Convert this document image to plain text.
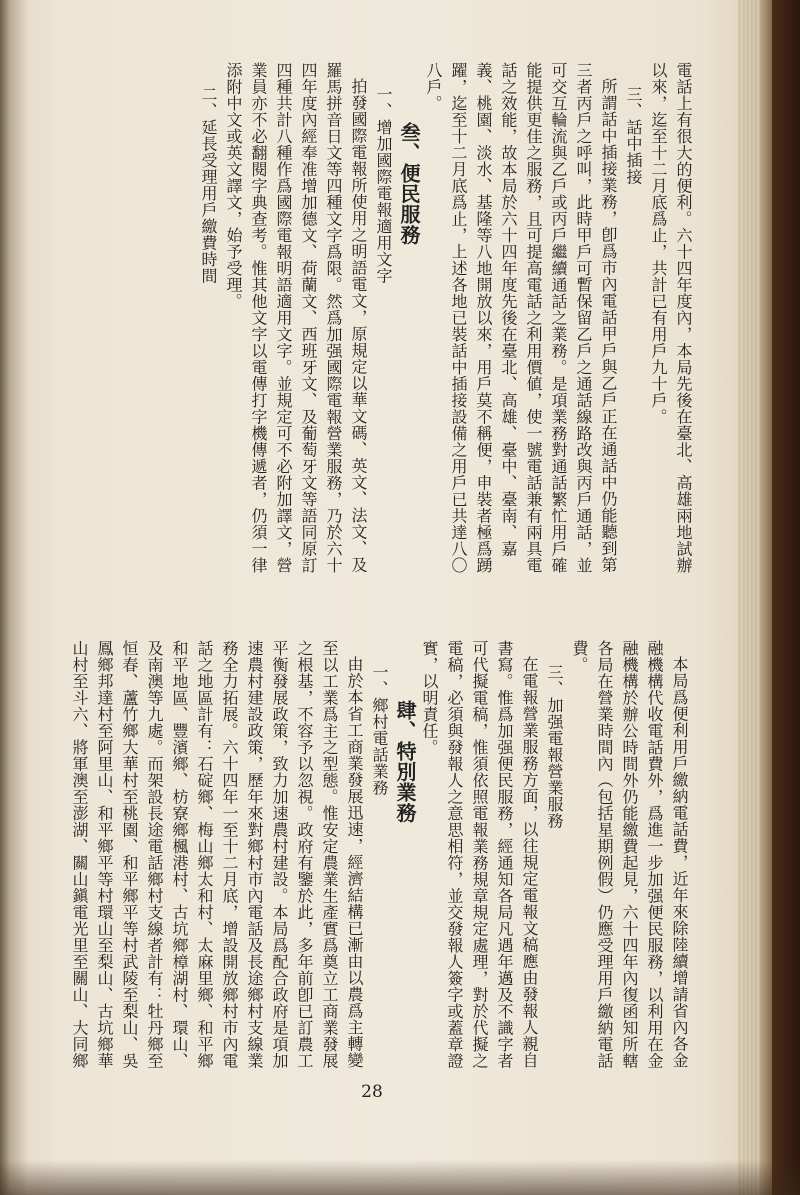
電話上有很大的便利。六十四年度內，本局先後在臺北、高雄兩地試辦以來，迄至十二月底爲止，共計已有用戶九十戶。

三、話中插接

所謂話中插接業務，卽爲市內電話甲戶與乙戶正在通話中仍能聽到第三者丙戶之呼叫，此時甲戶可暫保留乙戶之通話線路改與丙戶通話，並可交互輪流與乙戶或丙戶繼續通話之業務。是項業務對通話繁忙用戶確能提供更佳之服務，且可提高電話之利用價値，使一號電話兼有兩具電話之效能，故本局於六十四年度先後在臺北、高雄、臺中、臺南、嘉義、桃園、淡水、基隆等八地開放以來，用戶莫不稱便，申裝者極爲踴躍，迄至十二月底爲止，上述各地已裝話中插接設備之用戶已共達八〇八戶。

叁、便民服務

一、增加國際電報適用文字

拍發國際電報所使用之明語電文，原規定以華文碼、英文、法文、及羅馬拼音日文等四種文字爲限。然爲加强國際電報營業服務，乃於六十四年度內經奉准增加德文、荷蘭文、西班牙文、及葡萄牙文等語同原訂四種共計八種作爲國際電報明語適用文字。並規定可不必附加譯文，營業員亦不必翻閱字典查考。惟其他文字以電傳打字機傳遞者，仍須一律添附中文或英文譯文，始予受理。

二、延長受理用戶繳費時間

本局爲便利用戶繳納電話費，近年來除陸續增請省內各金融機構代收電話費外，爲進一步加强便民服務，以利用在金融機構於辦公時間外仍能繳費起見，六十四年內復函知所轄各局在營業時間內（包括星期例假）仍應受理用戶繳納電話費。

三、加强電報營業服務

在電報營業服務方面，以往規定電報文稿應由發報人親自書寫。惟爲加强便民服務，經通知各局凡遇年邁及不識字者可代擬電稿，惟須依照電報業務規章規定處理，對於代擬之電稿，必須與發報人之意思相符，並交發報人簽字或蓋章證實，以明責任。

肆、特別業務

一、鄉村電話業務

由於本省工商業發展迅速，經濟結構已漸由以農爲主轉變至以工業爲主之型態。惟安定農業生產實爲奠立工商業發展之根基，不容予以忽視。政府有鑒於此，多年前卽已訂農工平衡發展政策，致力加速農村建設。本局爲配合政府是項加速農村建設政策，歷年來對鄉村市內電話及長途鄉村支線業務全力拓展。六十四年一至十二月底，增設開放鄉村市內電話之地區計有：石碇鄉、梅山鄉太和村、太麻里鄉、和平鄉和平地區、豐濱鄉、枋寮鄉楓港村、古坑鄉樟湖村、環山、及南澳等九處。而架設長途電話鄉村支線者計有：牡丹鄉至恒春、蘆竹鄉大華村至桃園、和平鄉平等村武陵至梨山、吳鳳鄉邦達村至阿里山、和平鄉平等村環山至梨山、古坑鄉華山村至斗六、將軍澳至澎湖、關山鎭電光里至關山、大同鄉

28
